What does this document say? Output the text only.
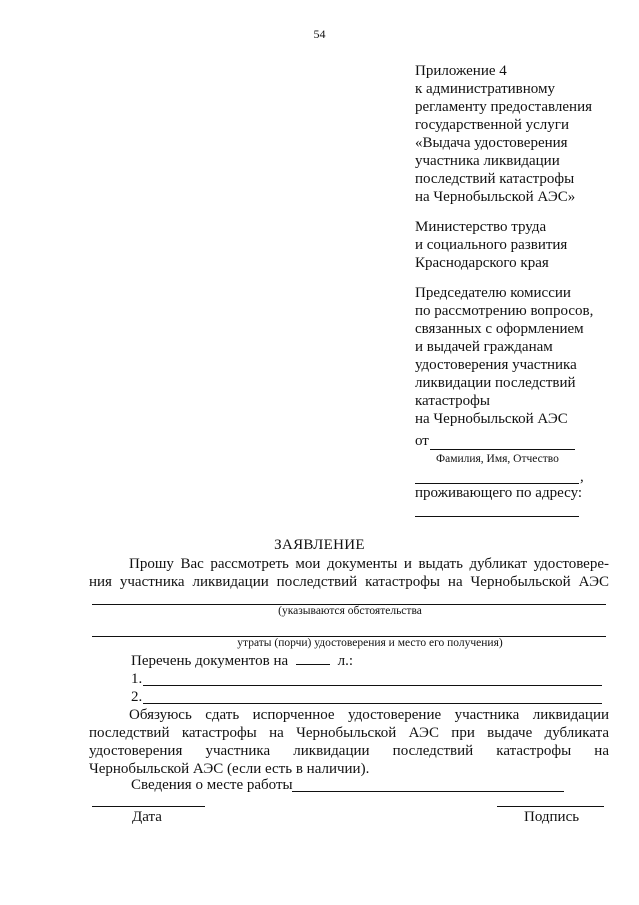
54

Приложение 4

к административному

регламенту предоставления

государственной услуги

«Выдача удостоверения

участника ликвидации

последствий катастрофы

на Чернобыльской АЭС»

Министерство труда

и социального развития

Краснодарского края

Председателю комиссии

по рассмотрению вопросов,

связанных с оформлением

и выдачей гражданам

удостоверения участника

ликвидации последствий

катастрофы

на Чернобыльской АЭС

от
Фамилия, Имя, Отчество
,
проживающего по адресу:
ЗАЯВЛЕНИЕ
Прошу Вас рассмотреть мои документы и выдать дубликат удостовере-
ния участника ликвидации последствий катастрофы на Чернобыльской АЭС
(указываются обстоятельства
утраты (порчи) удостоверения и место его получения)
Перечень документов на	л.:
1.
2.
Обязуюсь сдать испорченное удостоверение участника ликвидации
последствий катастрофы на Чернобыльской АЭС при выдаче дубликата
удостоверения участника ликвидации последствий катастрофы на
Чернобыльской АЭС (если есть в наличии).
Сведения о месте работы
Дата	Подпись
